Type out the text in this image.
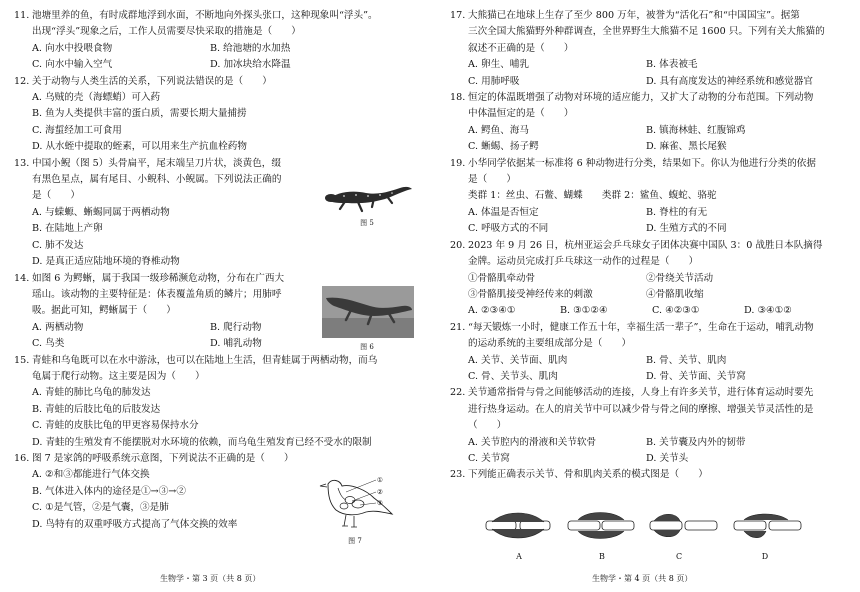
11. 池塘里养的鱼，有时成群地浮到水面，不断地向外探头张口，这种现象叫“浮头”。

出现“浮头”现象之后，工作人员需要尽快采取的措施是（　　）

A. 向水中投喂食物	B. 给池塘的水加热

C. 向水中输入空气	D. 加冰块给水降温

12. 关于动物与人类生活的关系，下列说法错误的是（　　）

A. 乌贼的壳（海螵蛸）可入药

B. 鱼为人类提供丰富的蛋白质，需要长期大量捕捞

C. 海蜇经加工可食用

D. 从水蛭中提取的蛭素，可以用来生产抗血栓药物

13. 中国小鲵（图 5）头骨扁平，尾末端呈刀片状，淡黄色，缀

有黑色星点，属有尾目、小鲵科、小鲵属。下列说法正确的

是（　　）

A. 与蝾螈、蜥蜴同属于两栖动物

B. 在陆地上产卵

C. 肺不发达

D. 是真正适应陆地环境的脊椎动物

14. 如图 6 为鳄蜥，属于我国一级珍稀濒危动物，分布在广西大

瑶山。该动物的主要特征是：体表覆盖角质的鳞片；用肺呼

吸。据此可知，鳄蜥属于（　　）

A. 两栖动物	B. 爬行动物

C. 鸟类	D. 哺乳动物

15. 青蛙和乌龟既可以在水中游泳，也可以在陆地上生活，但青蛙属于两栖动物，而乌

龟属于爬行动物。这主要是因为（　　）

A. 青蛙的肺比乌龟的肺发达

B. 青蛙的后肢比龟的后肢发达

C. 青蛙的皮肤比龟的甲更容易保持水分

D. 青蛙的生殖发育不能摆脱对水环境的依赖，而乌龟生殖发育已经不受水的限制

16. 图 7 是家鸽的呼吸系统示意图，下列说法不正确的是（　　）

A. ②和③都能进行气体交换

B. 气体进入体内的途径是①→③→②

C. ①是气管，②是气囊，③是肺

D. 鸟特有的双重呼吸方式提高了气体交换的效率

图 5
图 6
①
②
③
图 7
生物学・第 3 页（共 8 页）

17. 大熊猫已在地球上生存了至少 800 万年，被誉为“活化石”和“中国国宝”。据第

三次全国大熊猫野外种群调查，全世界野生大熊猫不足 1600 只。下列有关大熊猫的

叙述不正确的是（　　）

A. 卵生、哺乳	B. 体表被毛

C. 用肺呼吸	D. 具有高度发达的神经系统和感觉器官

18. 恒定的体温既增强了动物对环境的适应能力，又扩大了动物的分布范围。下列动物

中体温恒定的是（　　）

A. 鳄鱼、海马	B. 镇海林蛙、红腹锦鸡

C. 蜥蜴、扬子鳄	D. 麻雀、黑长尾猴

19. 小华同学依据某一标准将 6 种动物进行分类，结果如下。你认为他进行分类的依据

是（　　）

类群 1：丝虫、石鳖、蝴蝶　　类群 2：鲨鱼、蝮蛇、骆驼

A. 体温是否恒定	B. 脊柱的有无

C. 呼吸方式的不同	D. 生殖方式的不同

20. 2023 年 9 月 26 日，杭州亚运会乒乓球女子团体决赛中国队 3：0 战胜日本队摘得

金牌。运动员完成打乒乓球这一动作的过程是（　　）

①骨骼肌牵动骨	②骨绕关节活动

③骨骼肌接受神经传来的刺激	④骨骼肌收缩

A. ②③④①	B. ③①②④	C. ④②③①	D. ③④①②

21. “每天锻炼一小时，健康工作五十年，幸福生活一辈子”，生命在于运动，哺乳动物

的运动系统的主要组成部分是（　　）

A. 关节、关节面、肌肉	B. 骨、关节、肌肉

C. 骨、关节头、肌肉	D. 骨、关节面、关节窝

22. 关节通常指骨与骨之间能够活动的连接，人身上有许多关节，进行体育运动时要先

进行热身运动。在人的肩关节中可以减少骨与骨之间的摩擦、增强关节灵活性的是

（　　）

A. 关节腔内的滑液和关节软骨	B. 关节囊及内外的韧带

C. 关节窝	D. 关节头

23. 下列能正确表示关节、骨和肌肉关系的模式图是（　　）

A	B	C	D
生物学・第 4 页（共 8 页）
